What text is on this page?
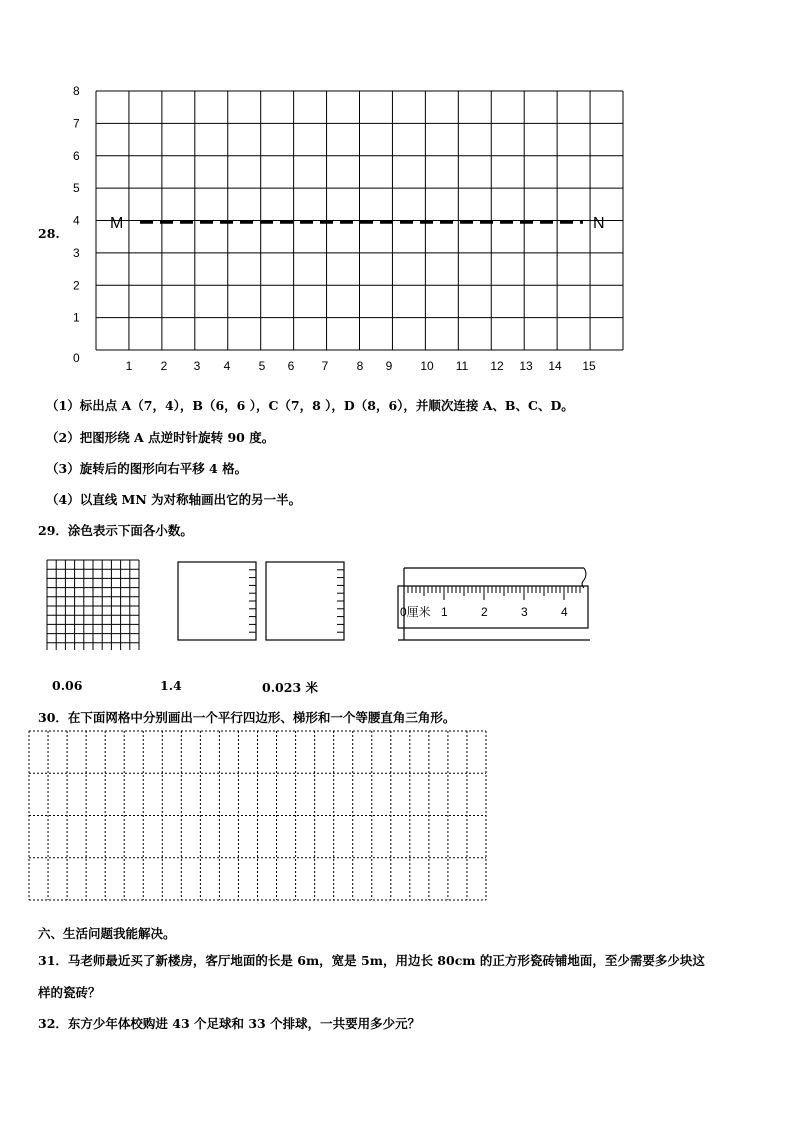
28.
0
1
2
3
4
5
6
7
8
1 2 3 4 5 6 7 8 9 10 11 12 13 14 15
M	N
（1）标出点 A（7，4），B（6，6 ），C（7，8 ），D（8，6），并顺次连接 A、B、C、D。
（2）把图形绕 A 点逆时针旋转 90 度。
（3）旋转后的图形向右平移 4 格。
（4）以直线 MN 为对称轴画出它的另一半。
29．涂色表示下面各小数。
0厘米 1	2	3	4
0.06	1.4	0.023 米
30．在下面网格中分别画出一个平行四边形、梯形和一个等腰直角三角形。
六、生活问题我能解决。
31．马老师最近买了新楼房，客厅地面的长是 6m，宽是 5m，用边长 80cm 的正方形瓷砖铺地面，至少需要多少块这
样的瓷砖？
32．东方少年体校购进 43 个足球和 33 个排球，一共要用多少元？
